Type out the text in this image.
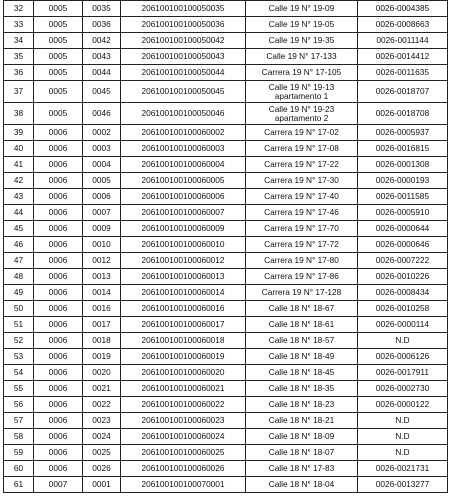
32	0005	0035	206100100100050035	Calle 19 N° 19-09	0026-0004385
33	0005	0036	206100100100050036	Calle 19 N° 19-05	0026-0008663
34	0005	0042	206100100100050042	Calle 19 N° 19-35	0026-0011144
35	0005	0043	206100100100050043	Calle 19 N° 17-133	0026-0014412
36	0005	0044	206100100100050044	Carrera 19 N° 17-105	0026-0011635
37	0005	0045	206100100100050045	Calle 19 N° 19-13 apartamento 1	0026-0018707
38	0005	0046	206100100100050046	Calle 19 N° 19-23 apartamento 2	0026-0018708
39	0006	0002	206100100100060002	Carrera 19 N° 17-02	0026-0005937
40	0006	0003	206100100100060003	Carrera 19 N° 17-08	0026-0016815
41	0006	0004	206100100100060004	Carrera 19 N° 17-22	0026-0001308
42	0006	0005	206100100100060005	Carrera 19 N° 17-30	0026-0000193
43	0006	0006	206100100100060006	Carrera 19 N° 17-40	0026-0011585
44	0006	0007	206100100100060007	Carrera 19 N° 17-46	0026-0005910
45	0006	0009	206100100100060009	Carrera 19 N° 17-70	0026-0000644
46	0006	0010	206100100100060010	Carrera 19 N° 17-72	0026-0000646
47	0006	0012	206100100100060012	Carrera 19 N° 17-80	0026-0007222
48	0006	0013	206100100100060013	Carrera 19 N° 17-86	0026-0010226
49	0006	0014	206100100100060014	Carrera 19 N° 17-128	0026-0008434
50	0006	0016	206100100100060016	Calle 18 N° 18-67	0026-0010258
51	0006	0017	206100100100060017	Calle 18 N° 18-61	0026-0000114
52	0006	0018	206100100100060018	Calle 18 N° 18-57	N.D
53	0006	0019	206100100100060019	Calle 18 N° 18-49	0026-0006126
54	0006	0020	206100100100060020	Calle 18 N° 18-45	0026-0017911
55	0006	0021	206100100100060021	Calle 18 N° 18-35	0026-0002730
56	0006	0022	206100100100060022	Calle 18 N° 18-23	0026-0000122
57	0006	0023	206100100100060023	Calle 18 N° 18-21	N.D
58	0006	0024	206100100100060024	Calle 18 N° 18-09	N.D
59	0006	0025	206100100100060025	Calle 18 N° 18-07	N.D
60	0006	0026	206100100100060026	Calle 18 N° 17-83	0026-0021731
61	0007	0001	206100100100070001	Calle 18 N° 18-04	0026-0013277
